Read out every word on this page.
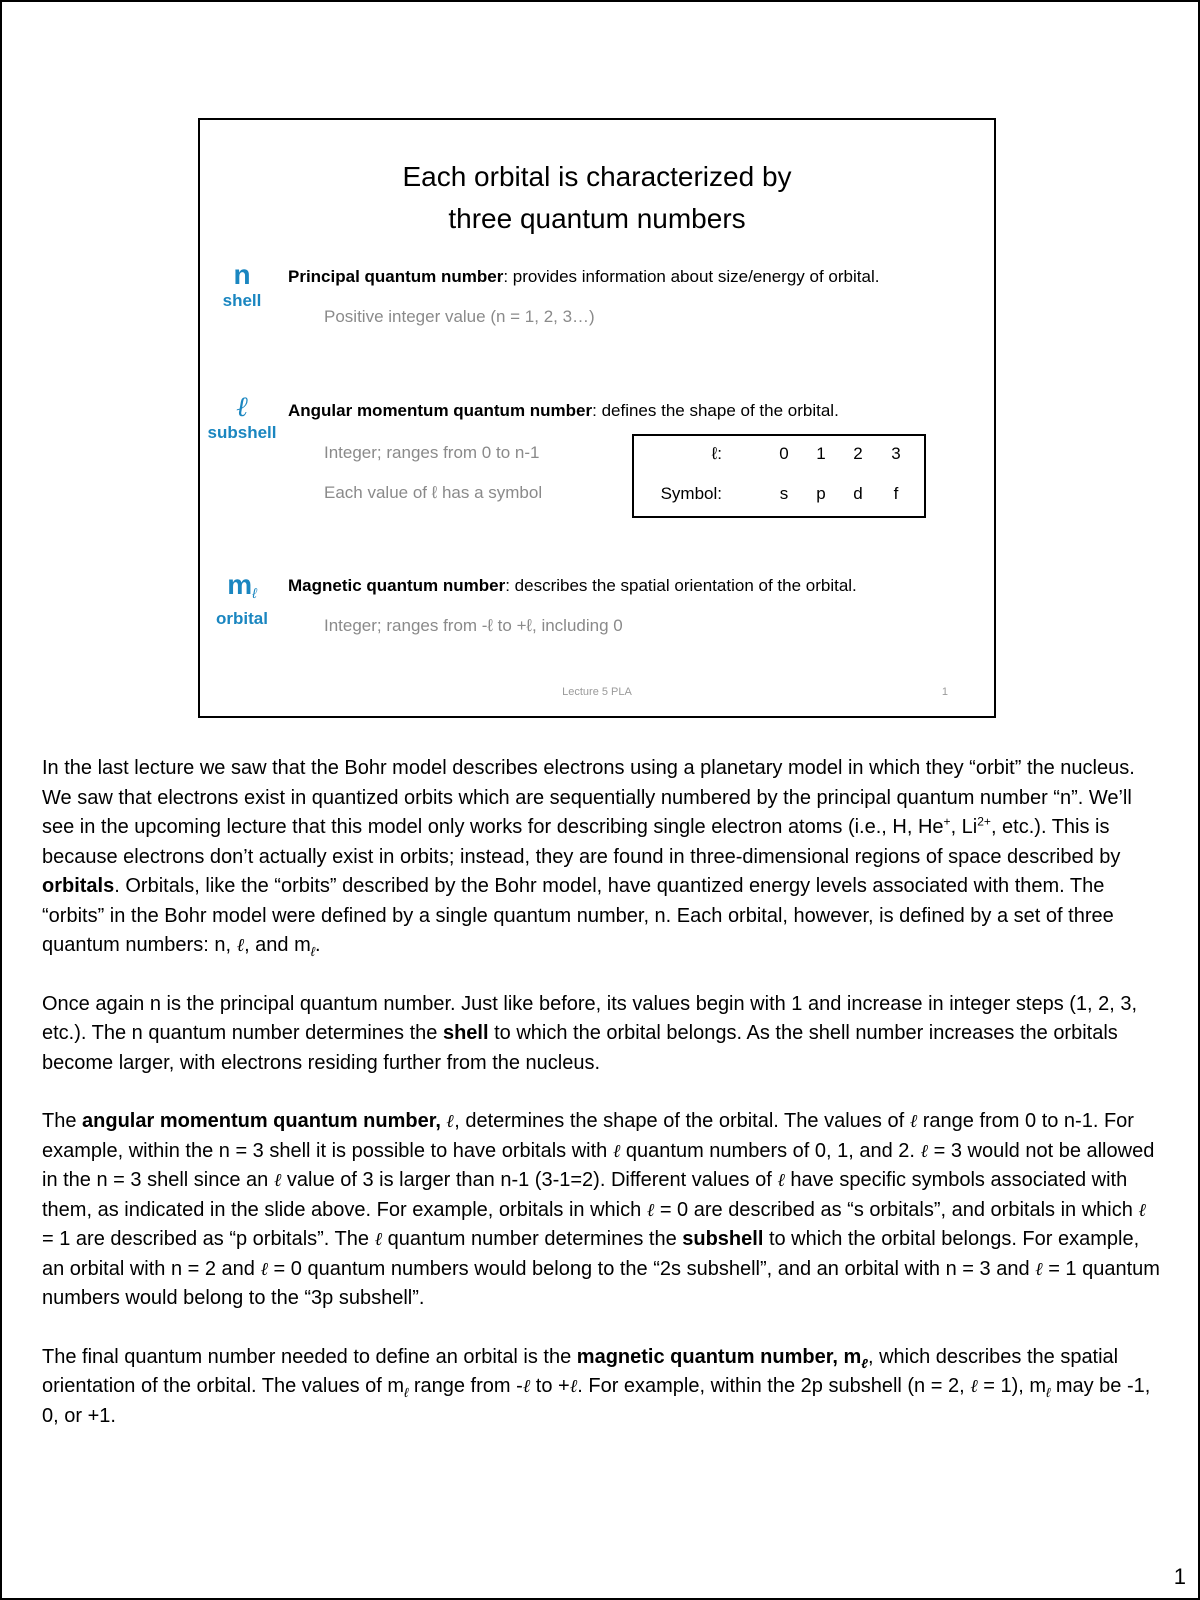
Each orbital is characterized by
three quantum numbers
n
shell
Principal quantum number: provides information about size/energy of orbital.
Positive integer value (n = 1, 2, 3…)
ℓ
subshell
Angular momentum quantum number: defines the shape of the orbital.
Integer; ranges from 0 to n-1
Each value of ℓ has a symbol
ℓ:	0	1	2	3
Symbol:	s	p	d	f
mℓ
orbital
Magnetic quantum number: describes the spatial orientation of the orbital.
Integer; ranges from -ℓ to +ℓ, including 0
Lecture 5 PLA	1

In the last lecture we saw that the Bohr model describes electrons using a planetary model in which they “orbit” the nucleus. We saw that electrons exist in quantized orbits which are sequentially numbered by the principal quantum number “n”. We’ll see in the upcoming lecture that this model only works for describing single electron atoms (i.e., H, He+, $Li^{2+}$, etc.). This is because electrons don’t actually exist in orbits; instead, they are found in three-dimensional regions of space described by orbitals. Orbitals, like the “orbits” described by the Bohr model, have quantized energy levels associated with them. The “orbits” in the Bohr model were defined by a single quantum number, n. Each orbital, however, is defined by a set of three quantum numbers: n, ℓ, and $m_\ell$.

Once again n is the principal quantum number. Just like before, its values begin with 1 and increase in integer steps (1, 2, 3, etc.). The n quantum number determines the shell to which the orbital belongs. As the shell number increases the orbitals become larger, with electrons residing further from the nucleus.

The angular momentum quantum number, ℓ, determines the shape of the orbital. The values of ℓ range from 0 to n-1. For example, within the n = 3 shell it is possible to have orbitals with ℓ quantum numbers of 0, 1, and 2. ℓ = 3 would not be allowed in the n = 3 shell since an ℓ value of 3 is larger than n-1 (3-1=2). Different values of ℓ have specific symbols associated with them, as indicated in the slide above. For example, orbitals in which ℓ = 0 are described as “s orbitals”, and orbitals in which ℓ = 1 are described as “p orbitals”. The ℓ quantum number determines the subshell to which the orbital belongs. For example, an orbital with n = 2 and ℓ = 0 quantum numbers would belong to the “2s subshell”, and an orbital with n = 3 and ℓ = 1 quantum numbers would belong to the “3p subshell”.

The final quantum number needed to define an orbital is the magnetic quantum number, $m_\ell$, which describes the spatial orientation of the orbital. The values of $m_\ell$ range from -ℓ to +ℓ. For example, within the 2p subshell (n = 2, ℓ = 1), $m_\ell$ may be -1, 0, or +1.

1
